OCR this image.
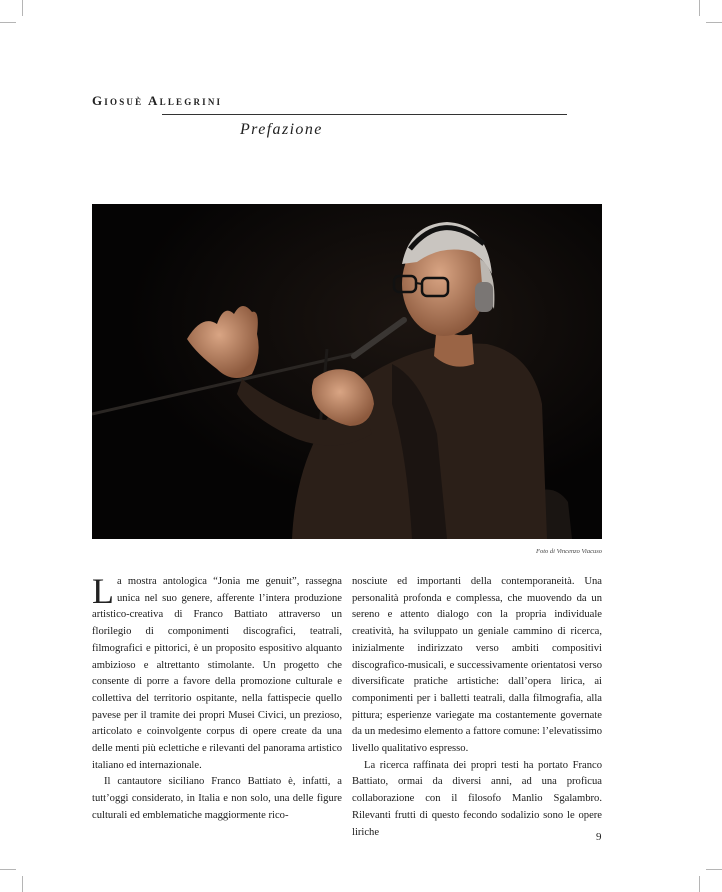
Giosuè Allegrini
Prefazione
Foto di Vincenzo Viacuso

La mostra antologica “Jonia me genuit”, rassegna unica nel suo genere, afferente l’intera produzione artistico-creativa di Franco Battiato attraverso un florilegio di componimenti discografici, teatrali, filmografici e pittorici, è un proposito espositivo alquanto ambizioso e altrettanto stimolante. Un progetto che consente di porre a favore della promozione culturale e collettiva del territorio ospitante, nella fattispecie quello pavese per il tramite dei propri Musei Civici, un prezioso, articolato e coinvolgente corpus di opere create da una delle menti più eclettiche e rilevanti del panorama artistico italiano ed internazionale.

Il cantautore siciliano Franco Battiato è, infatti, a tutt’oggi considerato, in Italia e non solo, una delle figure culturali ed emblematiche maggiormente rico-

nosciute ed importanti della contemporaneità. Una personalità profonda e complessa, che muovendo da un sereno e attento dialogo con la propria individuale creatività, ha sviluppato un geniale cammino di ricerca, inizialmente indirizzato verso ambiti compositivi discografico-musicali, e successivamente orientatosi verso diversificate pratiche artistiche: dall’opera lirica, ai componimenti per i balletti teatrali, dalla filmografia, alla pittura; esperienze variegate ma costantemente governate da un medesimo elemento a fattore comune: l’elevatissimo livello qualitativo espresso.

La ricerca raffinata dei propri testi ha portato Franco Battiato, ormai da diversi anni, ad una proficua collaborazione con il filosofo Manlio Sgalambro. Rilevanti frutti di questo fecondo sodalizio sono le opere liriche	9
